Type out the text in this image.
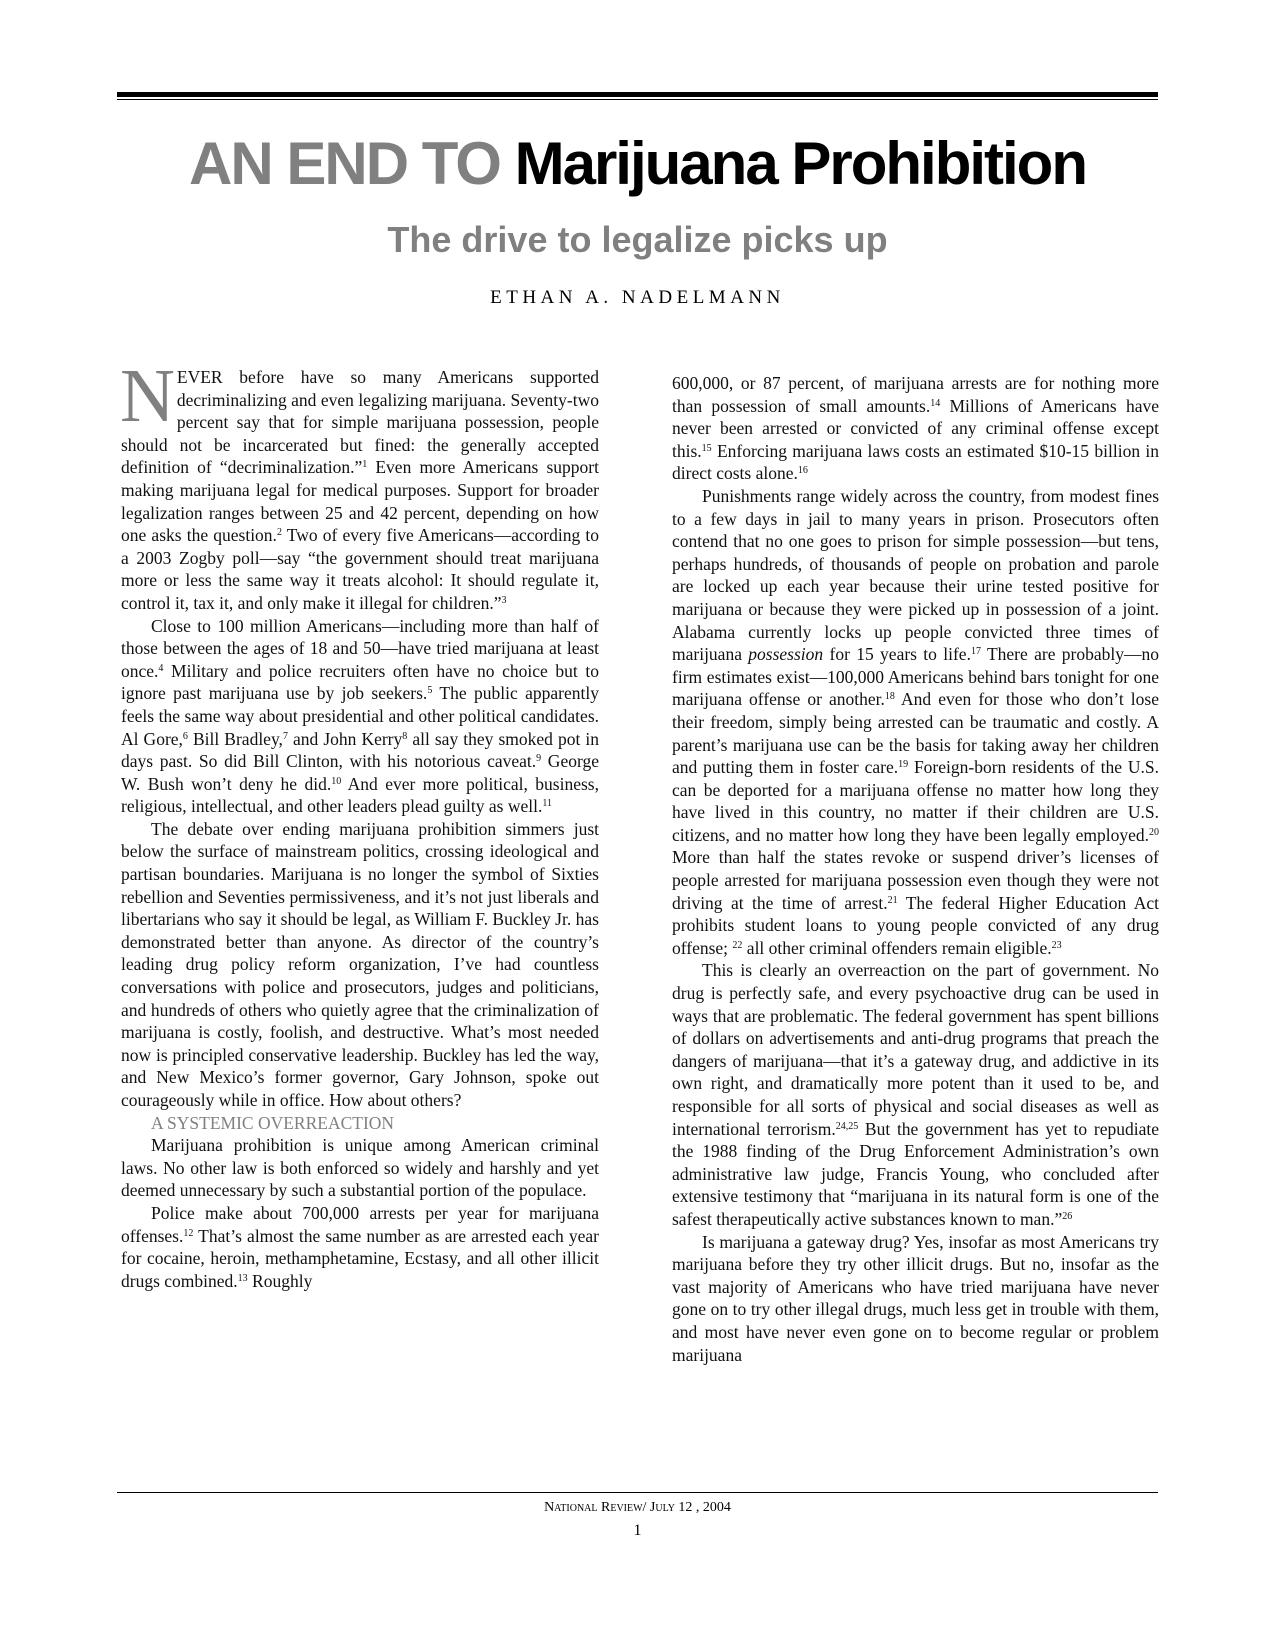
AN END TO Marijuana Prohibition
The drive to legalize picks up
ETHAN A. NADELMANN

NEVER before have so many Americans supported decriminalizing and even legalizing marijuana. Seventy-two percent say that for simple marijuana possession, people should not be incarcerated but fined: the generally accepted definition of “decriminalization.”$^1$ Even more Americans support making marijuana legal for medical purposes. Support for broader legalization ranges between 25 and 42 percent, depending on how one asks the question.$^2$ Two of every five Americans—according to a 2003 Zogby poll—say “the government should treat marijuana more or less the same way it treats alcohol: It should regulate it, control it, tax it, and only make it illegal for children.”$^3$

Close to 100 million Americans—including more than half of those between the ages of 18 and 50—have tried marijuana at least once.$^4$ Military and police recruiters often have no choice but to ignore past marijuana use by job seekers.$^5$ The public apparently feels the same way about presidential and other political candidates. Al Gore,$^6$ Bill Bradley,$^7$ and John Kerry$^8$ all say they smoked pot in days past. So did Bill Clinton, with his notorious caveat.$^9$ George W. Bush won’t deny he did.$^{10}$ And ever more political, business, religious, intellectual, and other leaders plead guilty as well.$^{11}$

The debate over ending marijuana prohibition simmers just below the surface of mainstream politics, crossing ideological and partisan boundaries. Marijuana is no longer the symbol of Sixties rebellion and Seventies permissiveness, and it’s not just liberals and libertarians who say it should be legal, as William F. Buckley Jr. has demonstrated better than anyone. As director of the country’s leading drug policy reform organization, I’ve had countless conversations with police and prosecutors, judges and politicians, and hundreds of others who quietly agree that the criminalization of marijuana is costly, foolish, and destructive. What’s most needed now is principled conservative leadership. Buckley has led the way, and New Mexico’s former governor, Gary Johnson, spoke out courageously while in office. How about others?

A SYSTEMIC OVERREACTION

Marijuana prohibition is unique among American criminal laws. No other law is both enforced so widely and harshly and yet deemed unnecessary by such a substantial portion of the populace.

Police make about 700,000 arrests per year for marijuana offenses.$^{12}$ That’s almost the same number as are arrested each year for cocaine, heroin, methamphetamine, Ecstasy, and all other illicit drugs combined.$^{13}$ Roughly

600,000, or 87 percent, of marijuana arrests are for nothing more than possession of small amounts.$^{14}$ Millions of Americans have never been arrested or convicted of any criminal offense except this.$^{15}$ Enforcing marijuana laws costs an estimated $10-15 billion in direct costs alone.$^{16}$

Punishments range widely across the country, from modest fines to a few days in jail to many years in prison. Prosecutors often contend that no one goes to prison for simple possession—but tens, perhaps hundreds, of thousands of people on probation and parole are locked up each year because their urine tested positive for marijuana or because they were picked up in possession of a joint. Alabama currently locks up people convicted three times of marijuana possession for 15 years to life.$^{17}$ There are probably—no firm estimates exist—100,000 Americans behind bars tonight for one marijuana offense or another.$^{18}$ And even for those who don’t lose their freedom, simply being arrested can be traumatic and costly. A parent’s marijuana use can be the basis for taking away her children and putting them in foster care.$^{19}$ Foreign-born residents of the U.S. can be deported for a marijuana offense no matter how long they have lived in this country, no matter if their children are U.S. citizens, and no matter how long they have been legally employed.$^{20}$ More than half the states revoke or suspend driver’s licenses of people arrested for marijuana possession even though they were not driving at the time of arrest.$^{21}$ The federal Higher Education Act prohibits student loans to young people convicted of any drug offense; $^{22}$ all other criminal offenders remain eligible.$^{23}$

This is clearly an overreaction on the part of government. No drug is perfectly safe, and every psychoactive drug can be used in ways that are problematic. The federal government has spent billions of dollars on advertisements and anti-drug programs that preach the dangers of marijuana—that it’s a gateway drug, and addictive in its own right, and dramatically more potent than it used to be, and responsible for all sorts of physical and social diseases as well as international terrorism.$^{24,25}$ But the government has yet to repudiate the 1988 finding of the Drug Enforcement Administration’s own administrative law judge, Francis Young, who concluded after extensive testimony that “marijuana in its natural form is one of the safest therapeutically active substances known to man.”$^{26}$

Is marijuana a gateway drug? Yes, insofar as most Americans try marijuana before they try other illicit drugs. But no, insofar as the vast majority of Americans who have tried marijuana have never gone on to try other illegal drugs, much less get in trouble with them, and most have never even gone on to become regular or problem marijuana

National Review/ July 12 , 2004
1
